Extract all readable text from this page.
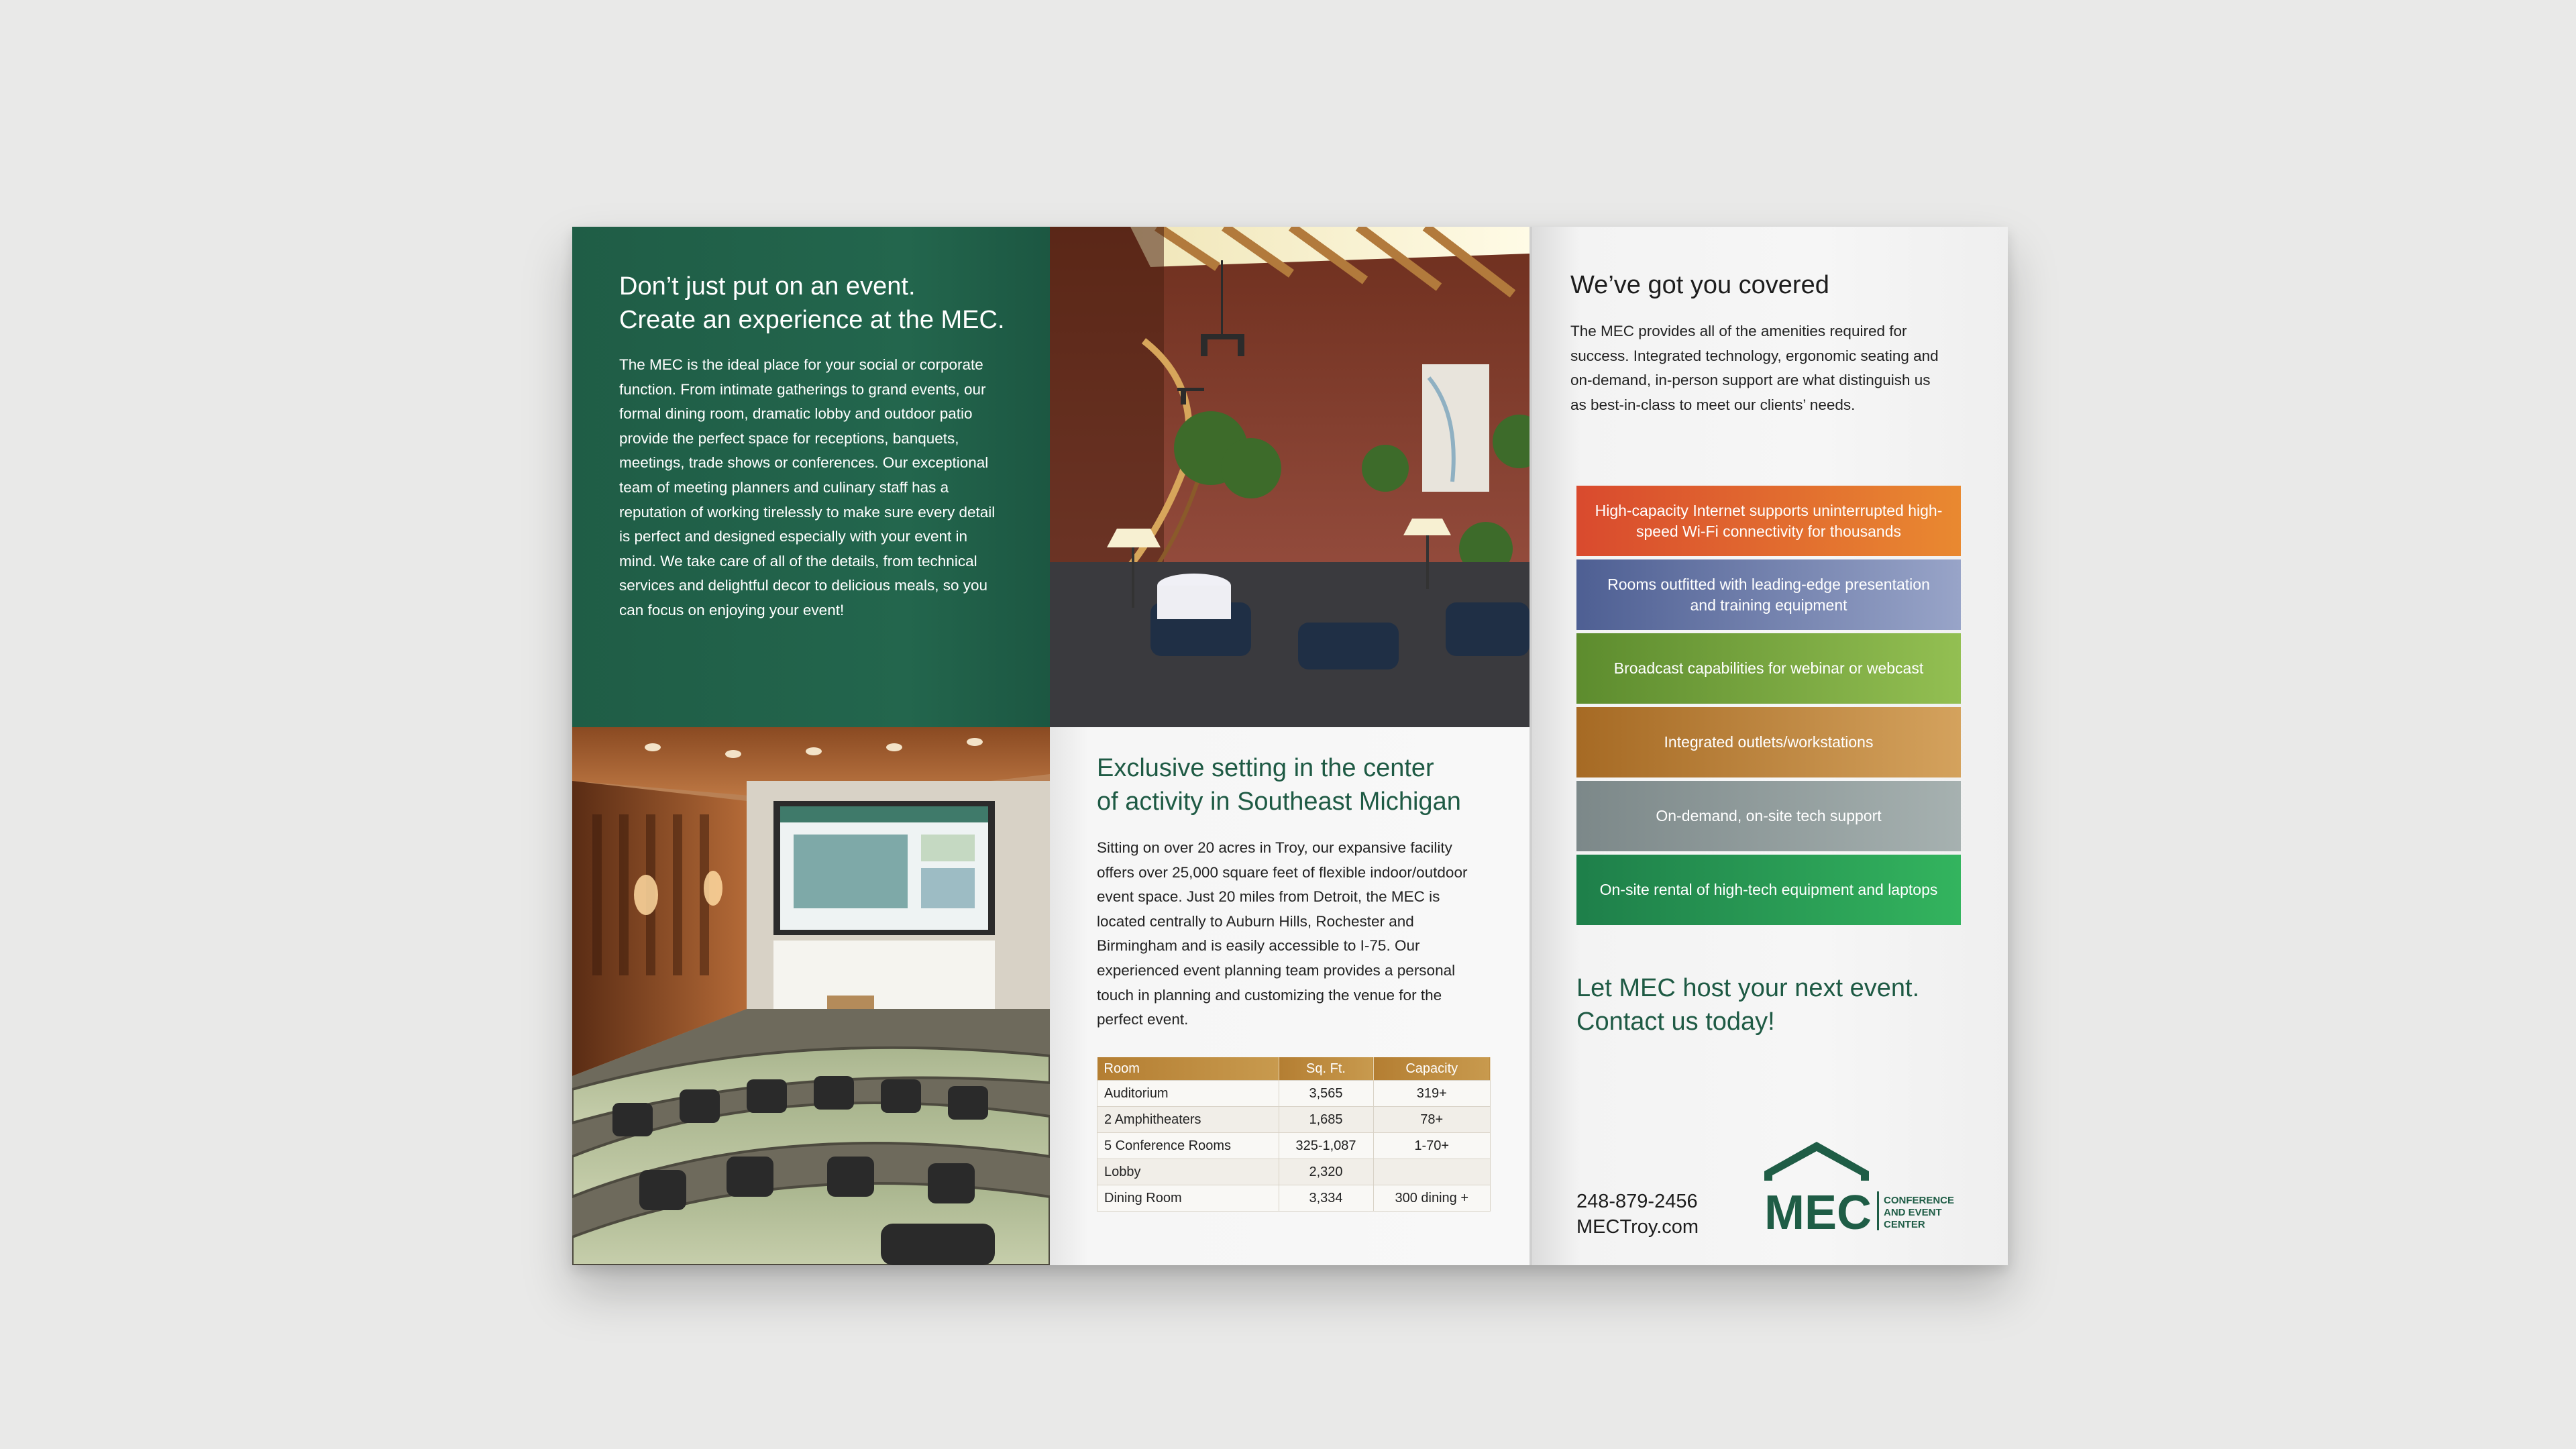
Don’t just put on an event.
Create an experience at the MEC.

The MEC is the ideal place for your social or corporate function. From intimate gatherings to grand events, our formal dining room, dramatic lobby and outdoor patio provide the perfect space for receptions, banquets, meetings, trade shows or conferences. Our exceptional team of meeting planners and culinary staff has a reputation of working tirelessly to make sure every detail is perfect and designed especially with your event in mind. We take care of all of the details, from technical services and delightful decor to delicious meals, so you can focus on enjoying your event!

Exclusive setting in the center
of activity in Southeast Michigan

Sitting on over 20 acres in Troy, our expansive facility offers over 25,000 square feet of flexible indoor/outdoor event space. Just 20 miles from Detroit, the MEC is located centrally to Auburn Hills, Rochester and Birmingham and is easily accessible to I-75. Our experienced event planning team provides a personal touch in planning and customizing the venue for the perfect event.

Room	Sq. Ft.	Capacity
Auditorium	3,565	319+
2 Amphitheaters	1,685	78+
5 Conference Rooms	325-1,087	1-70+
Lobby	2,320	
Dining Room	3,334	300 dining +
We’ve got you covered

The MEC provides all of the amenities required for success. Integrated technology, ergonomic seating and on-demand, in-person support are what distinguish us as best-in-class to meet our clients’ needs.

High-capacity Internet supports uninterrupted high-speed Wi-Fi connectivity for thousands
Rooms outfitted with leading-edge presentation and training equipment
Broadcast capabilities for webinar or webcast
Integrated outlets/workstations
On-demand, on-site tech support
On-site rental of high-tech equipment and laptops
Let MEC host your next event.
Contact us today!
248-879-2456
MECTroy.com MEC CONFERENCE
AND EVENT
CENTER
